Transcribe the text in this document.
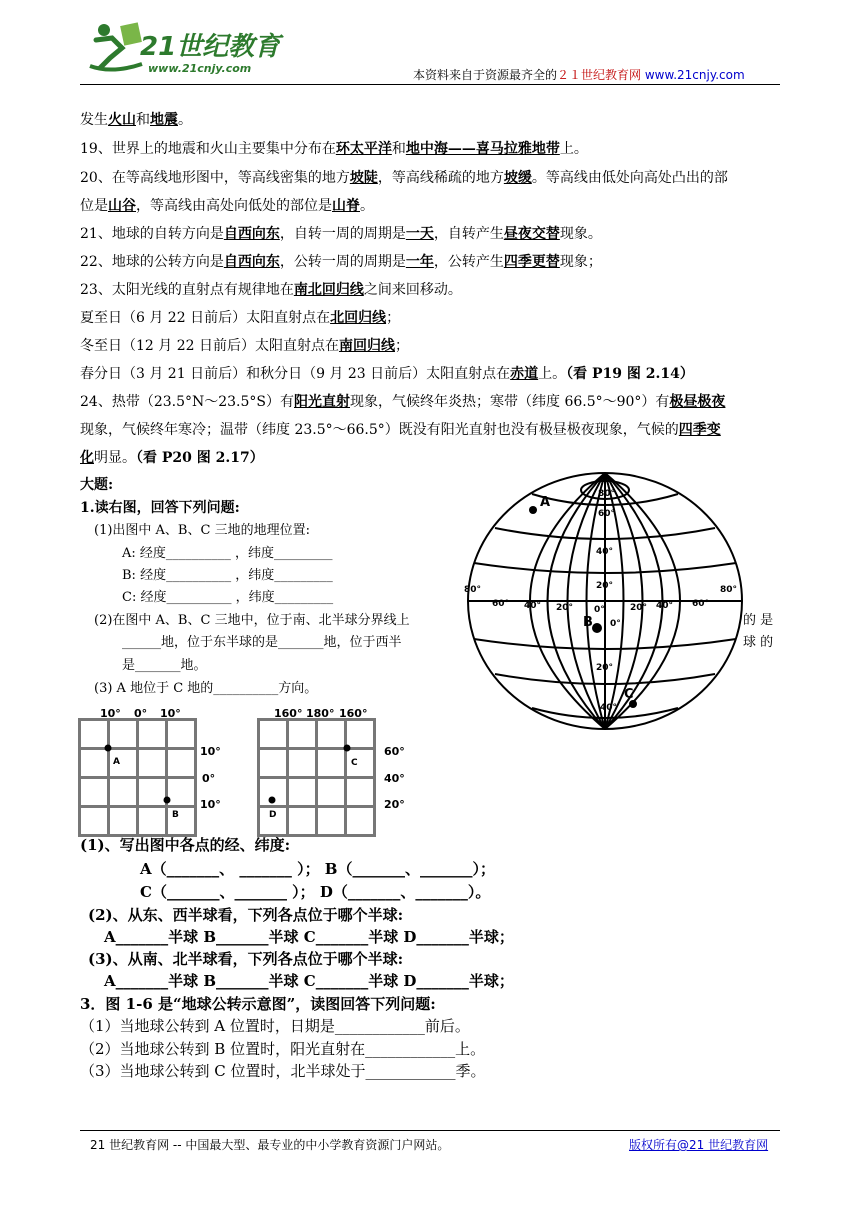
21世纪教育
www.21cnjy.com	本资料来自于资源最齐全的２１世纪教育网 www.21cnjy.com
发生火山和地震。
19、世界上的地震和火山主要集中分布在环太平洋和地中海——喜马拉雅地带上。
20、在等高线地形图中，等高线密集的地方坡陡，等高线稀疏的地方坡缓。等高线由低处向高处凸出的部
位是山谷，等高线由高处向低处的部位是山脊。
21、地球的自转方向是自西向东，自转一周的周期是一天，自转产生昼夜交替现象。
22、地球的公转方向是自西向东，公转一周的周期是一年，公转产生四季更替现象；
23、太阳光线的直射点有规律地在南北回归线之间来回移动。
夏至日（6 月 22 日前后）太阳直射点在北回归线；
冬至日（12 月 22 日前后）太阳直射点在南回归线；
春分日（3 月 21 日前后）和秋分日（9 月 23 日前后）太阳直射点在赤道上。（看 P19 图 2.14）
24、热带（23.5°N～23.5°S）有阳光直射现象，气候终年炎热；寒带（纬度 66.5°～90°）有极昼极夜
现象，气候终年寒冷；温带（纬度 23.5°～66.5°）既没有阳光直射也没有极昼极夜现象，气候的四季变
化明显。（看 P20 图 2.17）
大题:
1.读右图，回答下列问题:
(1)出图中 A、B、C 三地的地理位置:
A: 经度__________ ，纬度_________
B: 经度__________ ，纬度_________
C: 经度__________ ，纬度_________
(2)在图中 A、B、C 三地中，位于南、北半球分界线上	的 是
______地，位于东半球的是_______地，位于西半	球 的
是_______地。
(3) A 地位于 C 地的__________方向。
80°
60°
40°
20°
0°
20°
40°
80°
60° 40° 20° 0°	20° 40° 60°
80°
A
B
C
10° 0° 10°

A
B
10°
0°
10°
160° 180° 160°

C
D
60°
40°
20°
(1)、写出图中各点的经、纬度:
A（_______、 _______ ）； B（_______、_______）；
C（_______、_______ ）； D（_______、_______）。
(2)、从东、西半球看，下列各点位于哪个半球:
A_______半球 B_______半球 C_______半球 D_______半球；
(3)、从南、北半球看，下列各点位于哪个半球:
A_______半球 B_______半球 C_______半球 D_______半球；
3．图 1-6 是“地球公转示意图”，读图回答下列问题:
（1）当地球公转到 A 位置时，日期是____________前后。
（2）当地球公转到 B 位置时，阳光直射在____________上。
（3）当地球公转到 C 位置时，北半球处于____________季。
21 世纪教育网 -- 中国最大型、最专业的中小学教育资源门户网站。	版权所有@21 世纪教育网
